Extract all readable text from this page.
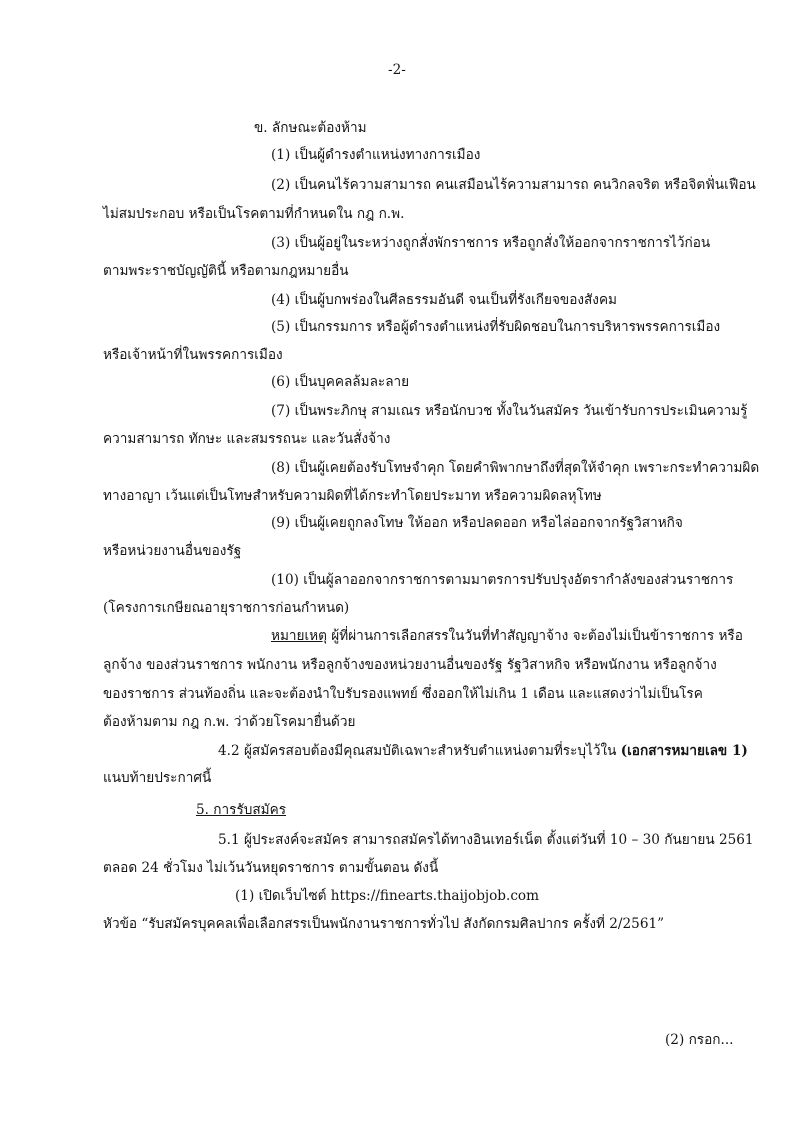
-2-
ข. ลักษณะต้องห้าม
(1) เป็นผู้ดำรงตำแหน่งทางการเมือง
(2) เป็นคนไร้ความสามารถ คนเสมือนไร้ความสามารถ คนวิกลจริต หรือจิตฟั่นเฟือน
ไม่สมประกอบ หรือเป็นโรคตามที่กำหนดใน กฎ ก.พ.
(3) เป็นผู้อยู่ในระหว่างถูกสั่งพักราชการ หรือถูกสั่งให้ออกจากราชการไว้ก่อน
ตามพระราชบัญญัตินี้ หรือตามกฎหมายอื่น
(4) เป็นผู้บกพร่องในศีลธรรมอันดี จนเป็นที่รังเกียจของสังคม
(5) เป็นกรรมการ หรือผู้ดำรงตำแหน่งที่รับผิดชอบในการบริหารพรรคการเมือง
หรือเจ้าหน้าที่ในพรรคการเมือง
(6) เป็นบุคคลล้มละลาย
(7) เป็นพระภิกษุ สามเณร หรือนักบวช ทั้งในวันสมัคร วันเข้ารับการประเมินความรู้
ความสามารถ ทักษะ และสมรรถนะ และวันสั่งจ้าง
(8) เป็นผู้เคยต้องรับโทษจำคุก โดยคำพิพากษาถึงที่สุดให้จำคุก เพราะกระทำความผิด
ทางอาญา เว้นแต่เป็นโทษสำหรับความผิดที่ได้กระทำโดยประมาท หรือความผิดลหุโทษ
(9) เป็นผู้เคยถูกลงโทษ ให้ออก หรือปลดออก หรือไล่ออกจากรัฐวิสาหกิจ
หรือหน่วยงานอื่นของรัฐ
(10) เป็นผู้ลาออกจากราชการตามมาตรการปรับปรุงอัตรากำลังของส่วนราชการ
(โครงการเกษียณอายุราชการก่อนกำหนด)
หมายเหตุ ผู้ที่ผ่านการเลือกสรรในวันที่ทำสัญญาจ้าง จะต้องไม่เป็นข้าราชการ หรือ
ลูกจ้าง ของส่วนราชการ พนักงาน หรือลูกจ้างของหน่วยงานอื่นของรัฐ รัฐวิสาหกิจ หรือพนักงาน หรือลูกจ้าง
ของราชการ ส่วนท้องถิ่น และจะต้องนำใบรับรองแพทย์ ซึ่งออกให้ไม่เกิน 1 เดือน และแสดงว่าไม่เป็นโรค
ต้องห้ามตาม กฎ ก.พ. ว่าด้วยโรคมายื่นด้วย
4.2 ผู้สมัครสอบต้องมีคุณสมบัติเฉพาะสำหรับตำแหน่งตามที่ระบุไว้ใน (เอกสารหมายเลข 1)
แนบท้ายประกาศนี้
5. การรับสมัคร
5.1 ผู้ประสงค์จะสมัคร สามารถสมัครได้ทางอินเทอร์เน็ต ตั้งแต่วันที่ 10 – 30 กันยายน 2561
ตลอด 24 ชั่วโมง ไม่เว้นวันหยุดราชการ ตามขั้นตอน ดังนี้
(1) เปิดเว็บไซต์ https://finearts.thaijobjob.com
หัวข้อ “รับสมัครบุคคลเพื่อเลือกสรรเป็นพนักงานราชการทั่วไป สังกัดกรมศิลปากร ครั้งที่ 2/2561”
(2) กรอก...
